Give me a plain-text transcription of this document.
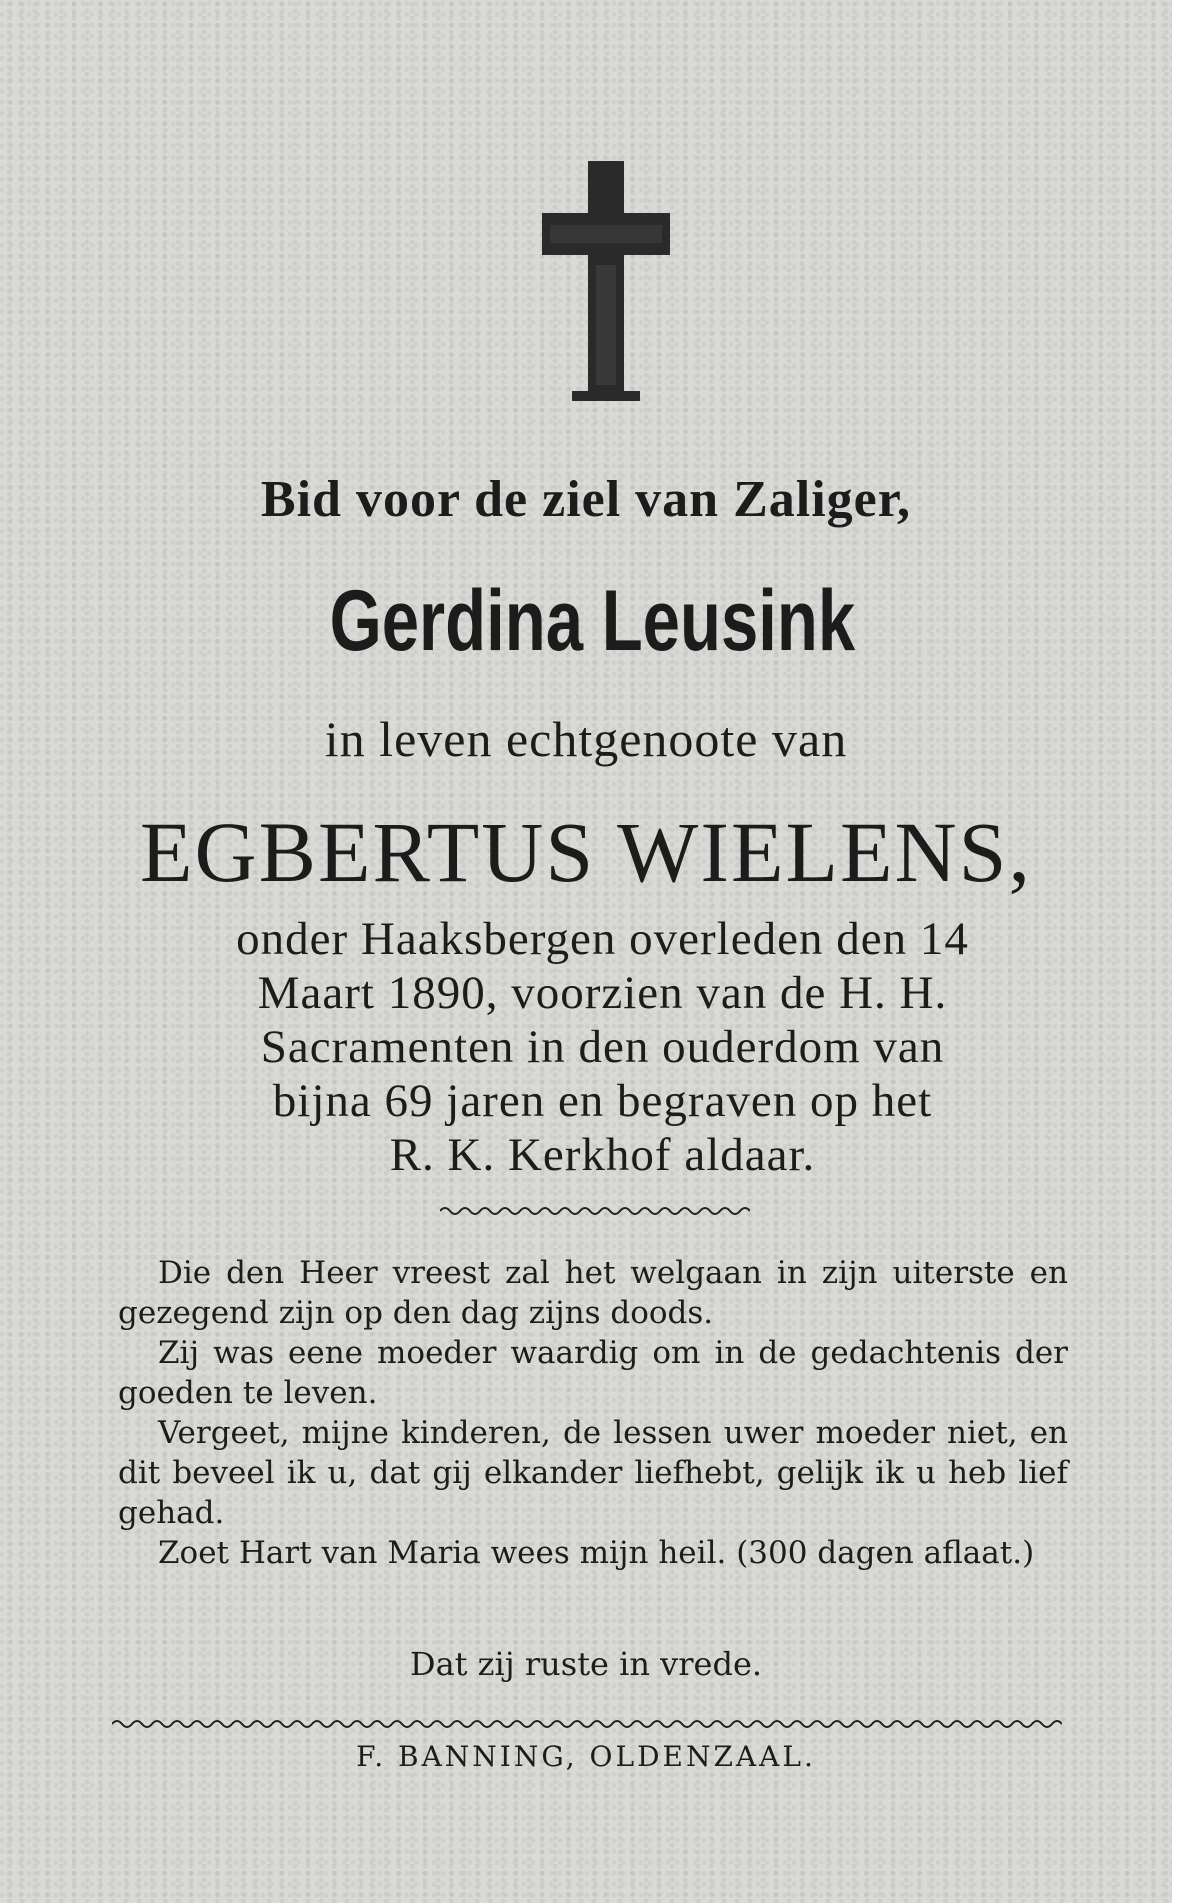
Bid voor de ziel van Zaliger,

Gerdina Leusink

in leven echtgenoote van

EGBERTUS WIELENS,

onder Haaksbergen overleden den 14
Maart 1890, voorzien van de H. H.
Sacramenten in den ouderdom van
bijna 69 jaren en begraven op het
R. K. Kerkhof aldaar.

Die den Heer vreest zal het welgaan in zijn uiterste en gezegend zijn op den dag zijns doods.

Zij was eene moeder waardig om in de gedachtenis der goeden te leven.

Vergeet, mijne kinderen, de lessen uwer moeder niet, en dit beveel ik u, dat gij elkander liefhebt, gelijk ik u heb lief gehad.

Zoet Hart van Maria wees mijn heil. (300 dagen aflaat.)

Dat zij ruste in vrede.

F. BANNING, OLDENZAAL.
